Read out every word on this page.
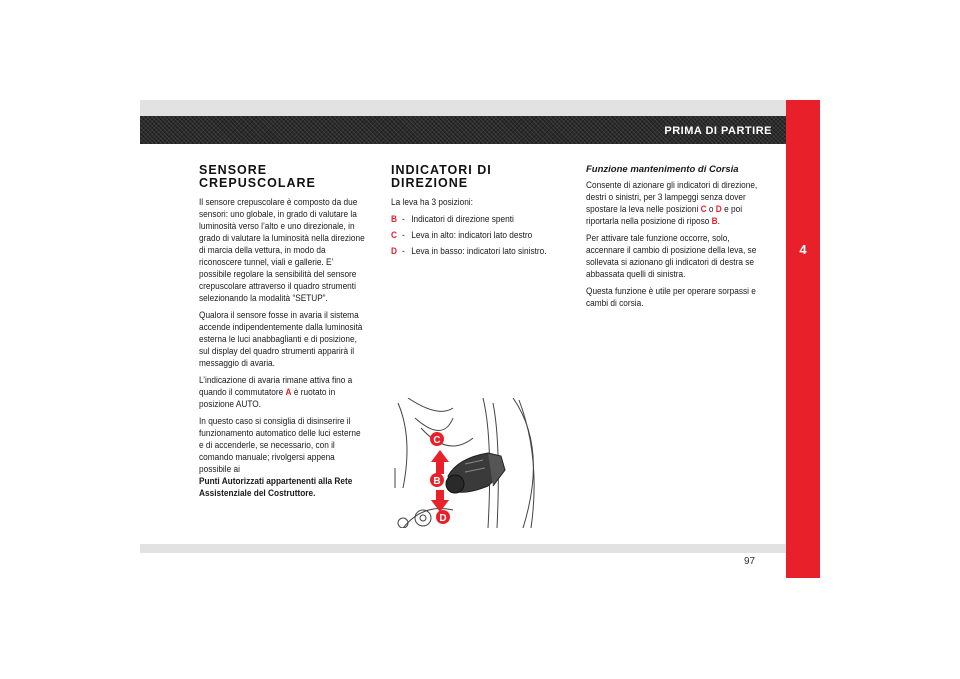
PRIMA DI PARTIRE
4
97
SENSORE
CREPUSCOLARE

Il sensore crepuscolare è composto da due sensori: uno globale, in grado di valutare la luminosità verso l’alto e uno direzionale, in grado di valutare la luminosità nella direzione di marcia della vettura, in modo da riconoscere tunnel, viali e gallerie. E’ possibile regolare la sensibilità del sensore crepuscolare attraverso il quadro strumenti selezionando la modalità “SETUP”.

Qualora il sensore fosse in avaria il sistema accende indipendentemente dalla luminosità esterna le luci anabbaglianti e di posizione, sul display del quadro strumenti apparirà il messaggio di avaria.

L’indicazione di avaria rimane attiva fino a quando il commutatore A è ruotato in posizione AUTO.

In questo caso si consiglia di disinserire il funzionamento automatico delle luci esterne e di accenderle, se necessario, con il comando manuale; rivolgersi appena possibile ai
Punti Autorizzati appartenenti alla Rete Assistenziale del Costruttore.

INDICATORI DI
DIREZIONE

La leva ha 3 posizioni:

B - Indicatori di direzione spenti
C - Leva in alto: indicatori lato destro
D - Leva in basso: indicatori lato sinistro.
C
B
D

Funzione mantenimento di Corsia

Consente di azionare gli indicatori di direzione, destri o sinistri, per 3 lampeggi senza dover spostare la leva nelle posizioni C o D e poi riportarla nella posizione di riposo B.

Per attivare tale funzione occorre, solo, accennare il cambio di posizione della leva, se sollevata si azionano gli indicatori di destra se abbassata quelli di sinistra.

Questa funzione è utile per operare sorpassi e cambi di corsia.
